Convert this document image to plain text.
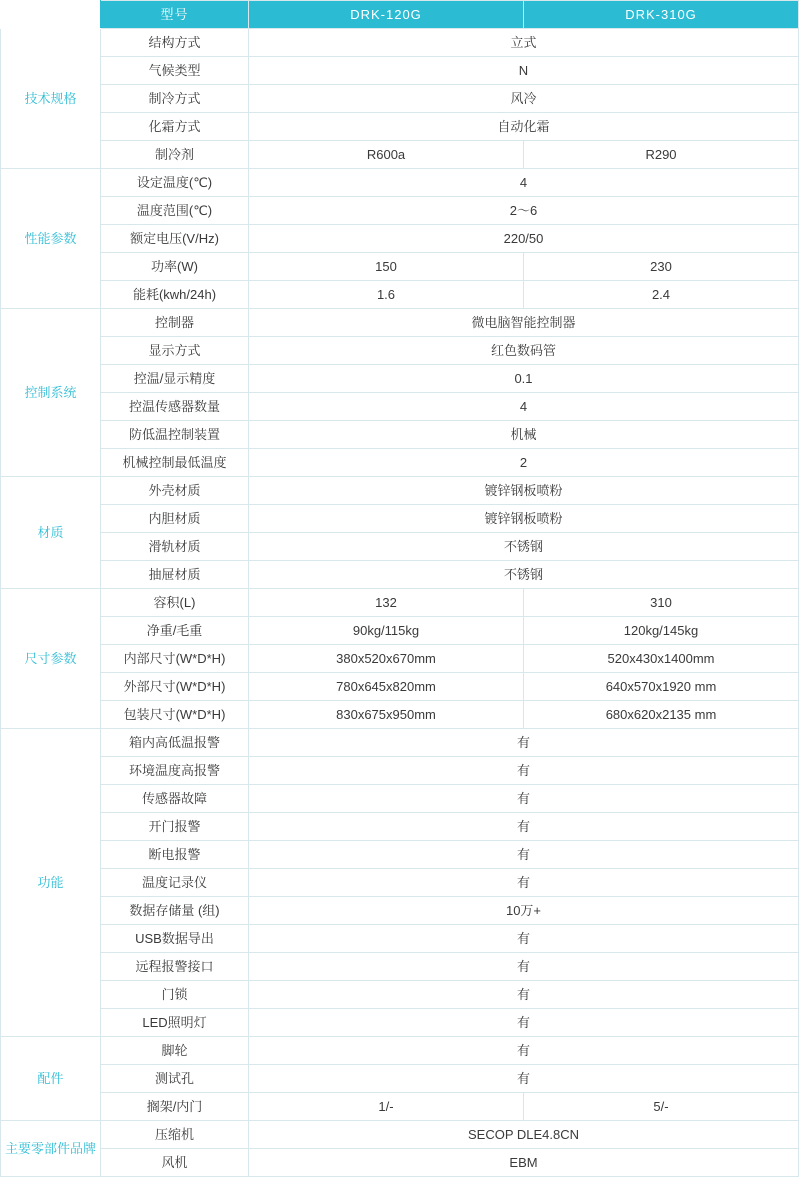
	型号	DRK-120G	DRK-310G
技术规格	结构方式	立式	
	气候类型	N	
	制冷方式	风冷	
	化霜方式	自动化霜	
	制冷剂	R600a	R290
性能参数	设定温度(℃)	4	
	温度范围(℃)	2～6	
	额定电压(V/Hz)	220/50	
	功率(W)	150	230
	能耗(kwh/24h)	1.6	2.4
控制系统	控制器	微电脑智能控制器	
	显示方式	红色数码管	
	控温/显示精度	0.1	
	控温传感器数量	4	
	防低温控制装置	机械	
	机械控制最低温度	2	
材质	外壳材质	镀锌钢板喷粉	
	内胆材质	镀锌钢板喷粉	
	滑轨材质	不锈钢	
	抽屉材质	不锈钢	
尺寸参数	容积(L)	132	310
	净重/毛重	90kg/115kg	120kg/145kg
	内部尺寸(W*D*H)	380x520x670mm	520x430x1400mm
	外部尺寸(W*D*H)	780x645x820mm	640x570x1920 mm
	包装尺寸(W*D*H)	830x675x950mm	680x620x2135 mm
功能	箱内高低温报警	有	
	环境温度高报警	有	
	传感器故障	有	
	开门报警	有	
	断电报警	有	
	温度记录仪	有	
	数据存储量 (组)	10万+	
	USB数据导出	有	
	远程报警接口	有	
	门锁	有	
	LED照明灯	有	
配件	脚轮	有	
	测试孔	有	
	搁架/内门	1/-	5/-
主要零部件品牌	压缩机	SECOP DLE4.8CN	
	风机	EBM	
